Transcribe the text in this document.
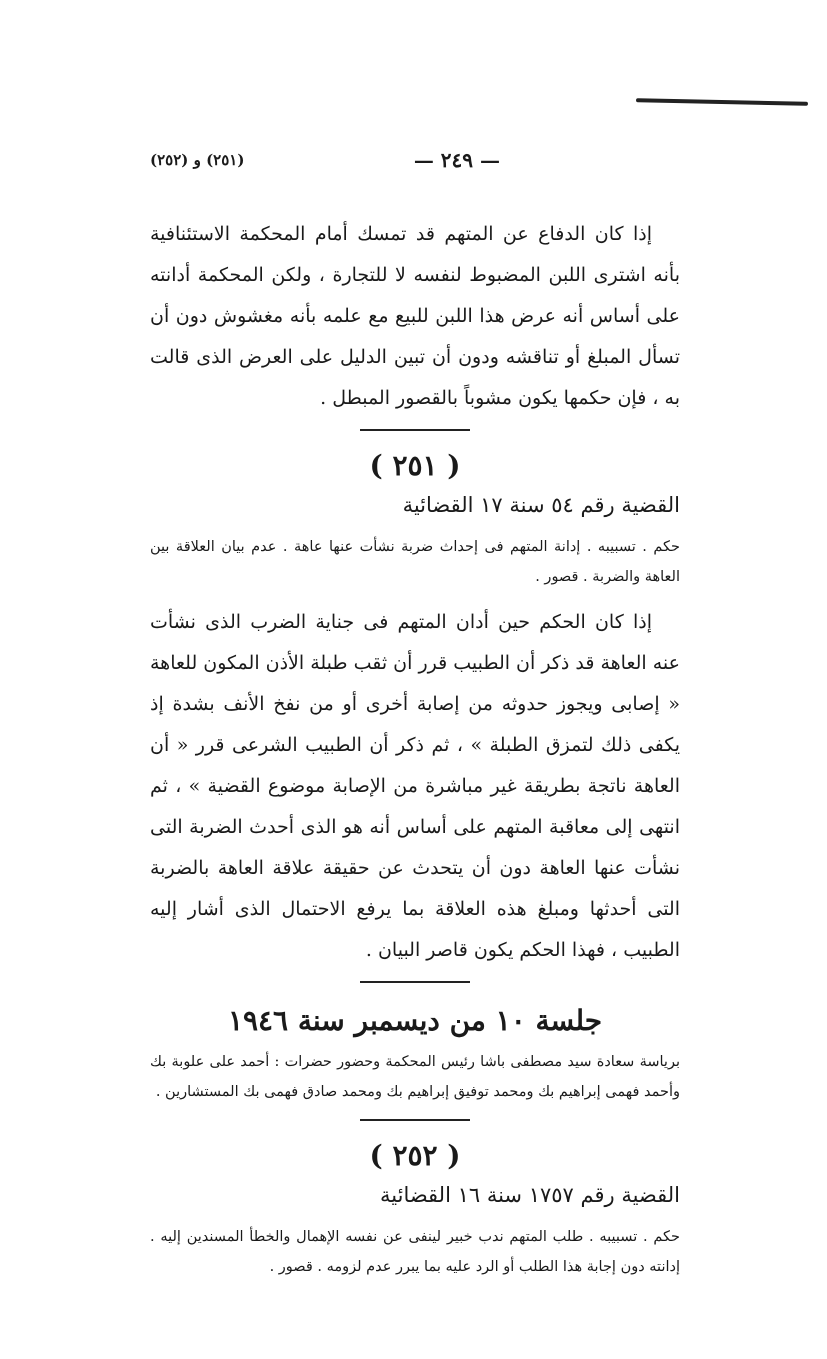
— ٢٤٩ —
(٢٥١) و (٢٥٢)

إذا كان الدفاع عن المتهم قد تمسك أمام المحكمة الاستئنافية بأنه اشترى اللبن المضبوط لنفسه لا للتجارة ، ولكن المحكمة أدانته على أساس أنه عرض هذا اللبن للبيع مع علمه بأنه مغشوش دون أن تسأل المبلغ أو تناقشه ودون أن تبين الدليل على العرض الذى قالت به ، فإن حكمها يكون مشوباً بالقصور المبطل .

( ٢٥١ )
القضية رقم ٥٤ سنة ١٧ القضائية

حكم . تسبيبه . إدانة المتهم فى إحداث ضربة نشأت عنها عاهة . عدم بيان العلاقة بين العاهة والضربة . قصور .

إذا كان الحكم حين أدان المتهم فى جناية الضرب الذى نشأت عنه العاهة قد ذكر أن الطبيب قرر أن ثقب طبلة الأذن المكون للعاهة « إصابى ويجوز حدوثه من إصابة أخرى أو من نفخ الأنف بشدة إذ يكفى ذلك لتمزق الطبلة » ، ثم ذكر أن الطبيب الشرعى قرر « أن العاهة ناتجة بطريقة غير مباشرة من الإصابة موضوع القضية » ، ثم انتهى إلى معاقبة المتهم على أساس أنه هو الذى أحدث الضربة التى نشأت عنها العاهة دون أن يتحدث عن حقيقة علاقة العاهة بالضربة التى أحدثها ومبلغ هذه العلاقة بما يرفع الاحتمال الذى أشار إليه الطبيب ، فهذا الحكم يكون قاصر البيان .

جلسة ١٠ من ديسمبر سنة ١٩٤٦

برياسة سعادة سيد مصطفى باشا رئيس المحكمة وحضور حضرات : أحمد على علوبة بك وأحمد فهمى إبراهيم بك ومحمد توفيق إبراهيم بك ومحمد صادق فهمى بك المستشارين .

( ٢٥٢ )
القضية رقم ١٧٥٧ سنة ١٦ القضائية

حكم . تسبيبه . طلب المتهم ندب خبير لينفى عن نفسه الإهمال والخطأ المسندين إليه . إدانته دون إجابة هذا الطلب أو الرد عليه بما يبرر عدم لزومه . قصور .
